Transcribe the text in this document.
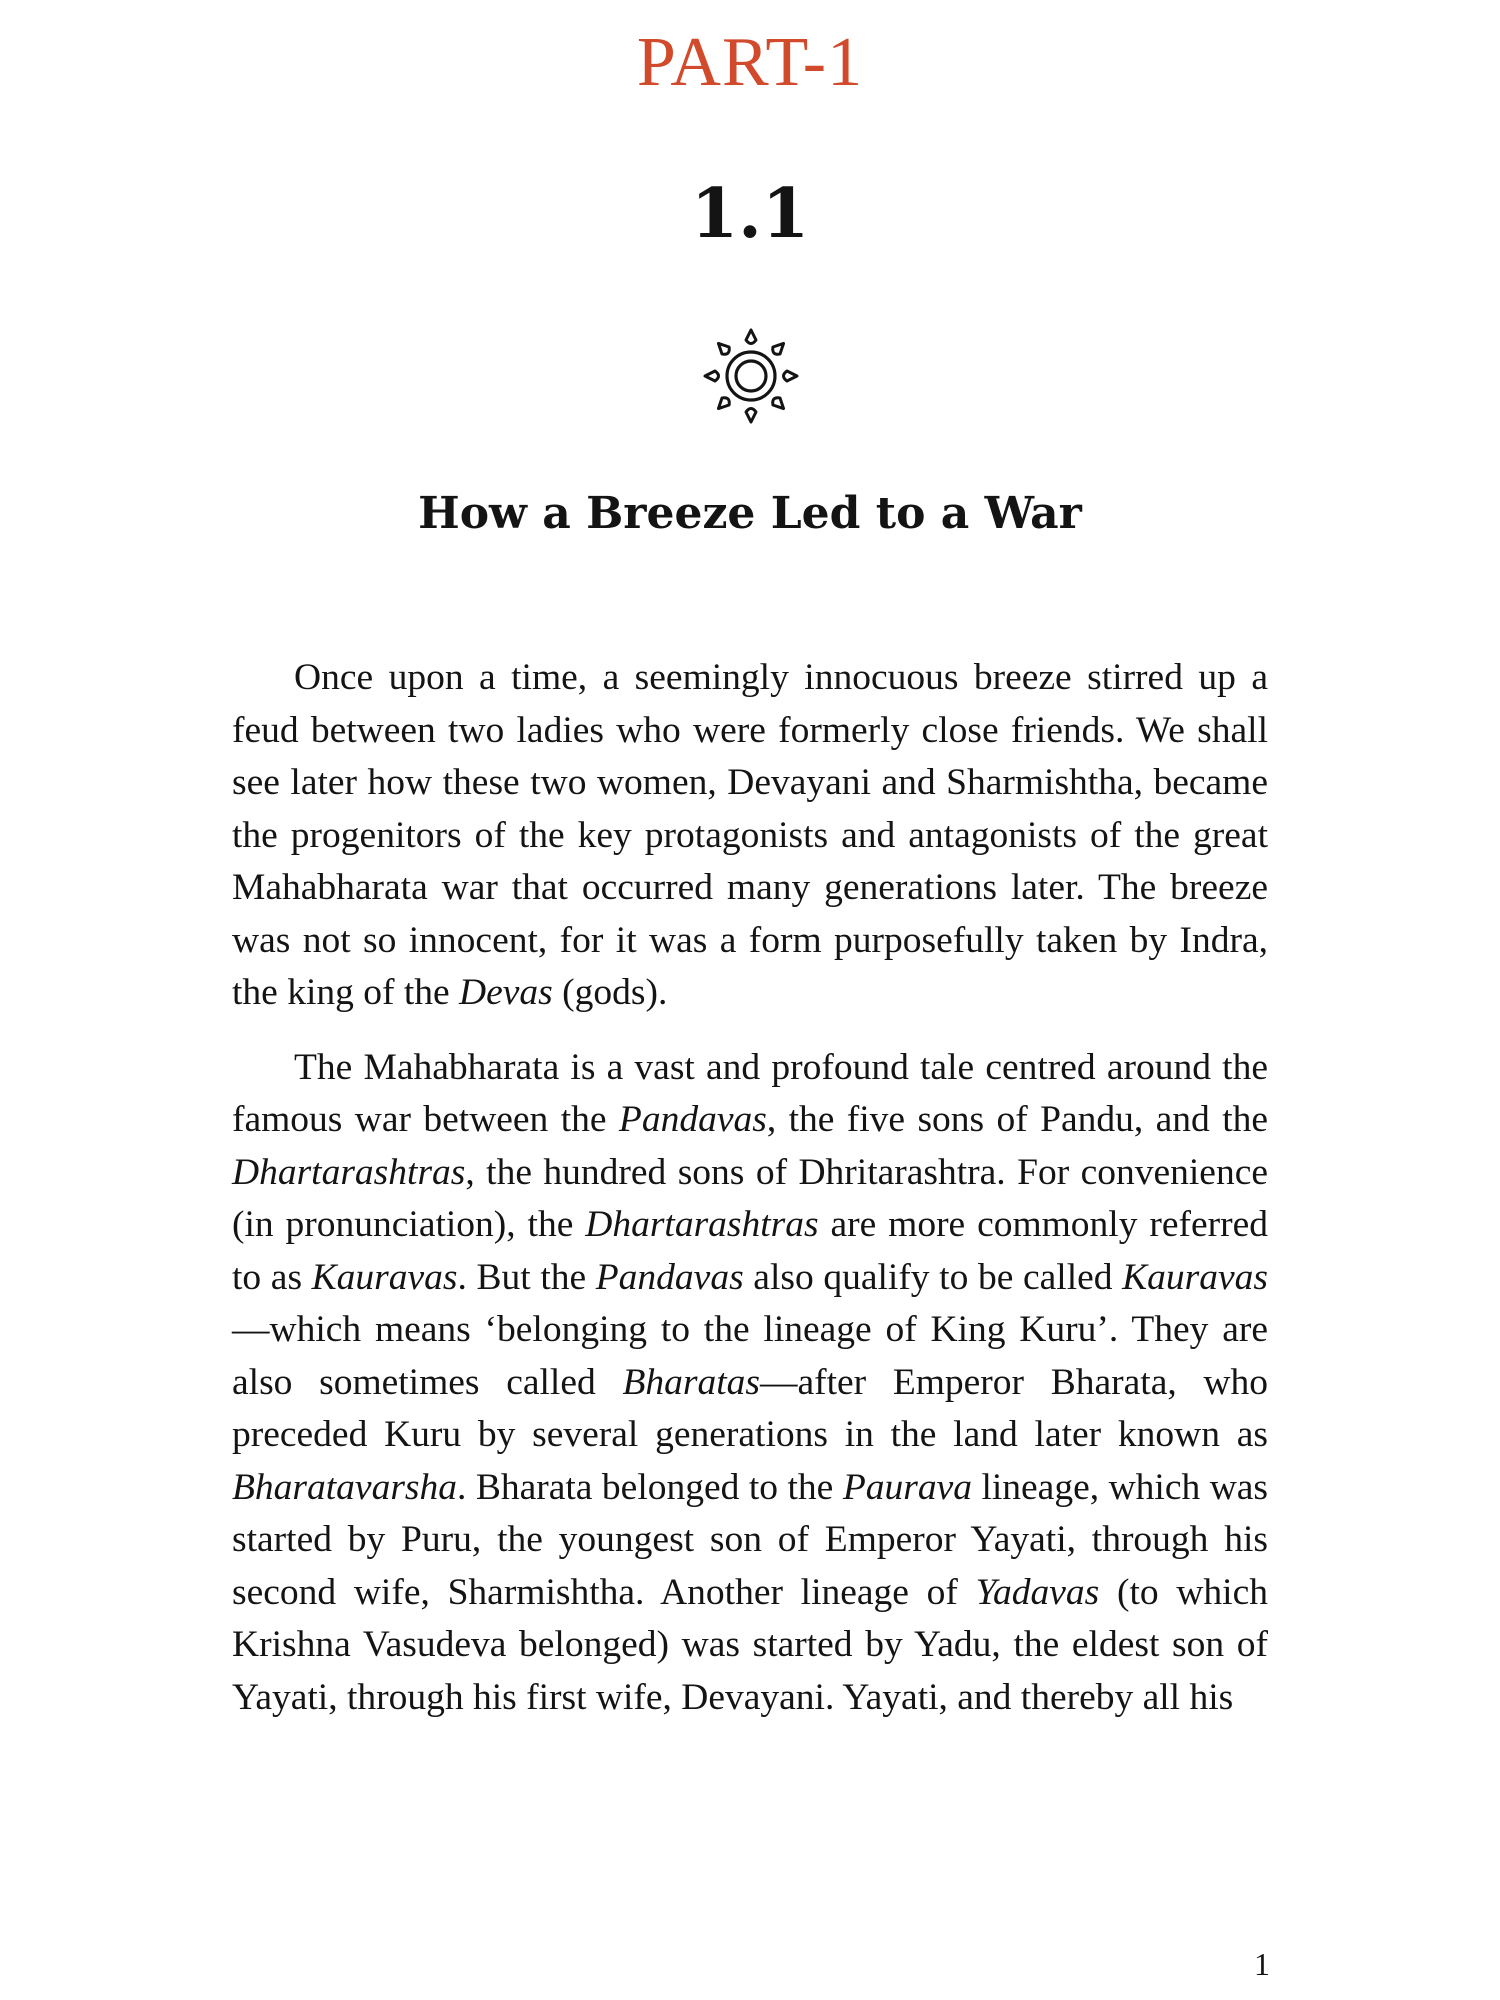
PART-1
1.1
How a Breeze Led to a War

Once upon a time, a seemingly innocuous breeze stirred up a feud between two ladies who were formerly close friends. We shall see later how these two women, Devayani and Sharmishtha, became the progenitors of the key protagonists and antagonists of the great Mahabharata war that occurred many generations later. The breeze was not so innocent, for it was a form purposefully taken by Indra, the king of the Devas (gods).

The Mahabharata is a vast and profound tale centred around the famous war between the Pandavas, the five sons of Pandu, and the Dhartarashtras, the hundred sons of Dhritarashtra. For convenience (in pronunciation), the Dhartarashtras are more commonly referred to as Kauravas. But the Pandavas also qualify to be called Kauravas—which means ‘belonging to the lineage of King Kuru’. They are also sometimes called Bharatas—after Emperor Bharata, who preceded Kuru by several generations in the land later known as Bharatavarsha. Bharata belonged to the Paurava lineage, which was started by Puru, the youngest son of Emperor Yayati, through his second wife, Sharmishtha. Another lineage of Yadavas (to which Krishna Vasudeva belonged) was started by Yadu, the eldest son of Yayati, through his first wife, Devayani. Yayati, and thereby all his

1
